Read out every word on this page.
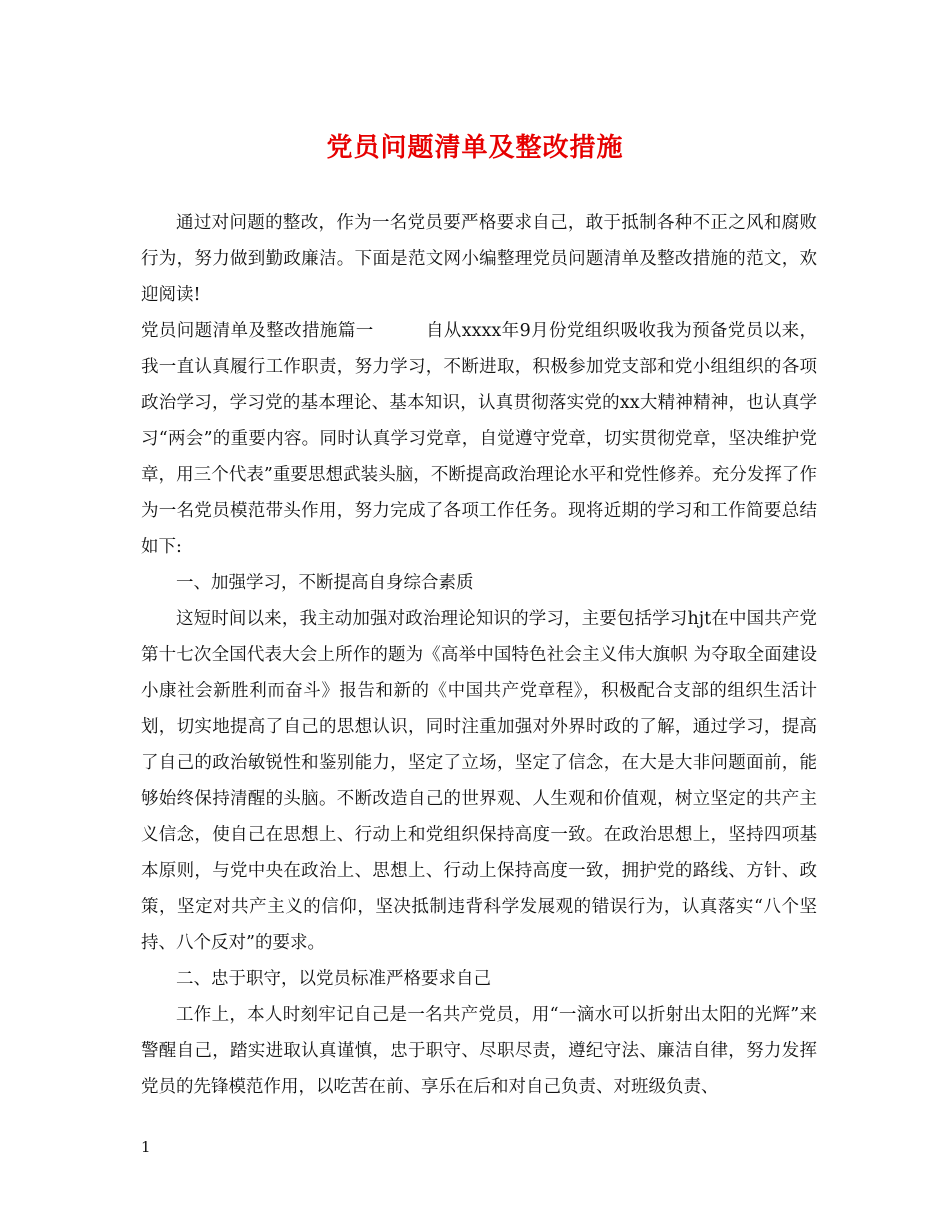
党员问题清单及整改措施

通过对问题的整改，作为一名党员要严格要求自己，敢于抵制各种不正之风和腐败行为，努力做到勤政廉洁。下面是范文网小编整理党员问题清单及整改措施的范文，欢迎阅读!

党员问题清单及整改措施篇一	自从xxxx年9月份党组织吸收我为预备党员以来，我一直认真履行工作职责，努力学习，不断进取，积极参加党支部和党小组组织的各项政治学习，学习党的基本理论、基本知识，认真贯彻落实党的xx大精神精神，也认真学习“两会”的重要内容。同时认真学习党章，自觉遵守党章，切实贯彻党章，坚决维护党章，用三个代表”重要思想武装头脑，不断提高政治理论水平和党性修养。充分发挥了作为一名党员模范带头作用，努力完成了各项工作任务。现将近期的学习和工作简要总结如下:

一、加强学习，不断提高自身综合素质

这短时间以来，我主动加强对政治理论知识的学习，主要包括学习hjt在中国共产党第十七次全国代表大会上所作的题为《高举中国特色社会主义伟大旗帜 为夺取全面建设小康社会新胜利而奋斗》报告和新的《中国共产党章程》，积极配合支部的组织生活计划，切实地提高了自己的思想认识，同时注重加强对外界时政的了解，通过学习，提高了自己的政治敏锐性和鉴别能力，坚定了立场，坚定了信念，在大是大非问题面前，能够始终保持清醒的头脑。不断改造自己的世界观、人生观和价值观，树立坚定的共产主义信念，使自己在思想上、行动上和党组织保持高度一致。在政治思想上，坚持四项基本原则，与党中央在政治上、思想上、行动上保持高度一致，拥护党的路线、方针、政策，坚定对共产主义的信仰，坚决抵制违背科学发展观的错误行为，认真落实“八个坚持、八个反对”的要求。

二、忠于职守，以党员标准严格要求自己

工作上，本人时刻牢记自己是一名共产党员，用“一滴水可以折射出太阳的光辉”来警醒自己，踏实进取认真谨慎，忠于职守、尽职尽责，遵纪守法、廉洁自律，努力发挥党员的先锋模范作用，以吃苦在前、享乐在后和对自己负责、对班级负责、

1
